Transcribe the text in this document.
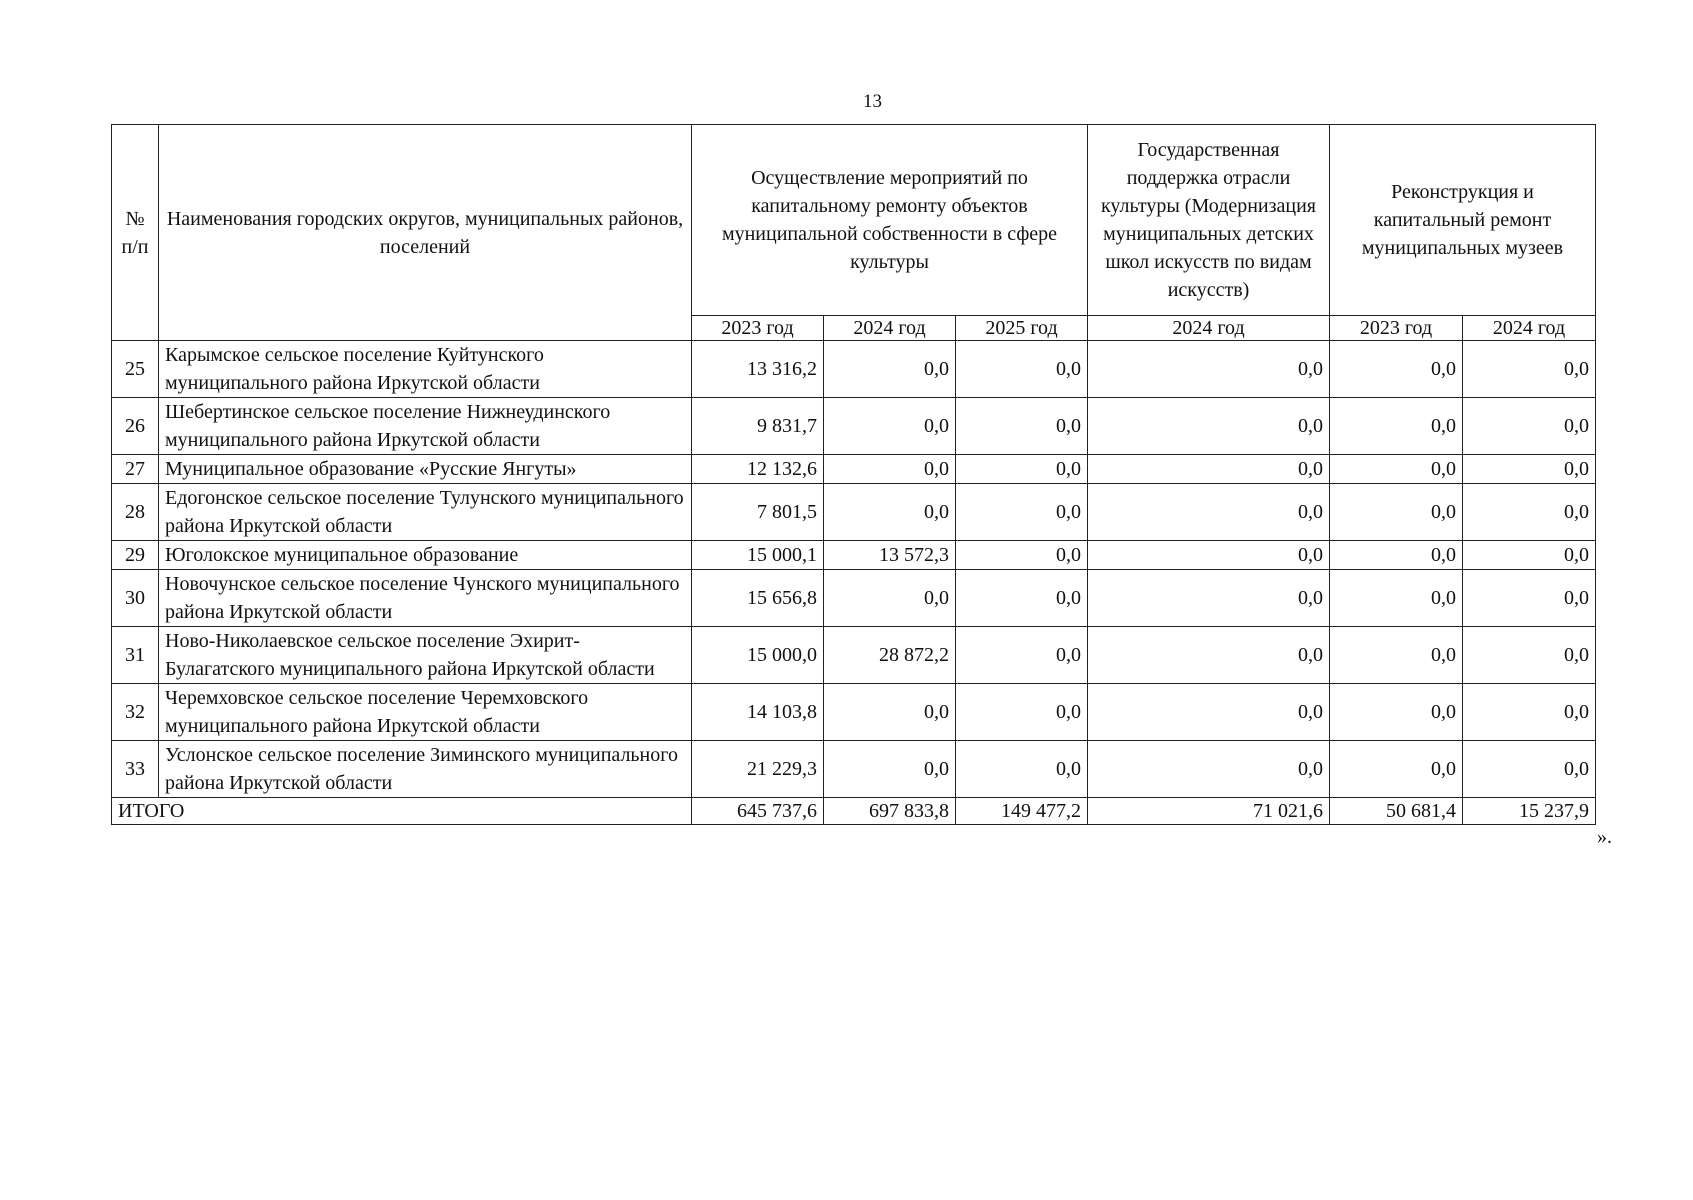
13
№
п/п	Наименования городских округов, муниципальных районов, поселений	Осуществление мероприятий по капитальному ремонту объектов муниципальной собственности в сфере культуры			Государственная поддержка отрасли культуры (Модернизация муниципальных детских школ искусств по видам искусств)	Реконструкция и капитальный ремонт муниципальных музеев	
		2023 год	2024 год	2025 год	2024 год	2023 год	2024 год
25	Карымское сельское поселение Куйтунского муниципального района Иркутской области	13 316,2	0,0	0,0	0,0	0,0	0,0
26	Шебертинское сельское поселение Нижнеудинского муниципального района Иркутской области	9 831,7	0,0	0,0	0,0	0,0	0,0
27	Муниципальное образование «Русские Янгуты»	12 132,6	0,0	0,0	0,0	0,0	0,0
28	Едогонское сельское поселение Тулунского муниципального района Иркутской области	7 801,5	0,0	0,0	0,0	0,0	0,0
29	Юголокское муниципальное образование	15 000,1	13 572,3	0,0	0,0	0,0	0,0
30	Новочунское сельское поселение Чунского муниципального района Иркутской области	15 656,8	0,0	0,0	0,0	0,0	0,0
31	Ново-Николаевское сельское поселение Эхирит-Булагатского муниципального района Иркутской области	15 000,0	28 872,2	0,0	0,0	0,0	0,0
32	Черемховское сельское поселение Черемховского муниципального района Иркутской области	14 103,8	0,0	0,0	0,0	0,0	0,0
33	Услонское сельское поселение Зиминского муниципального района Иркутской области	21 229,3	0,0	0,0	0,0	0,0	0,0
ИТОГО		645 737,6	697 833,8	149 477,2	71 021,6	50 681,4	15 237,9
».
